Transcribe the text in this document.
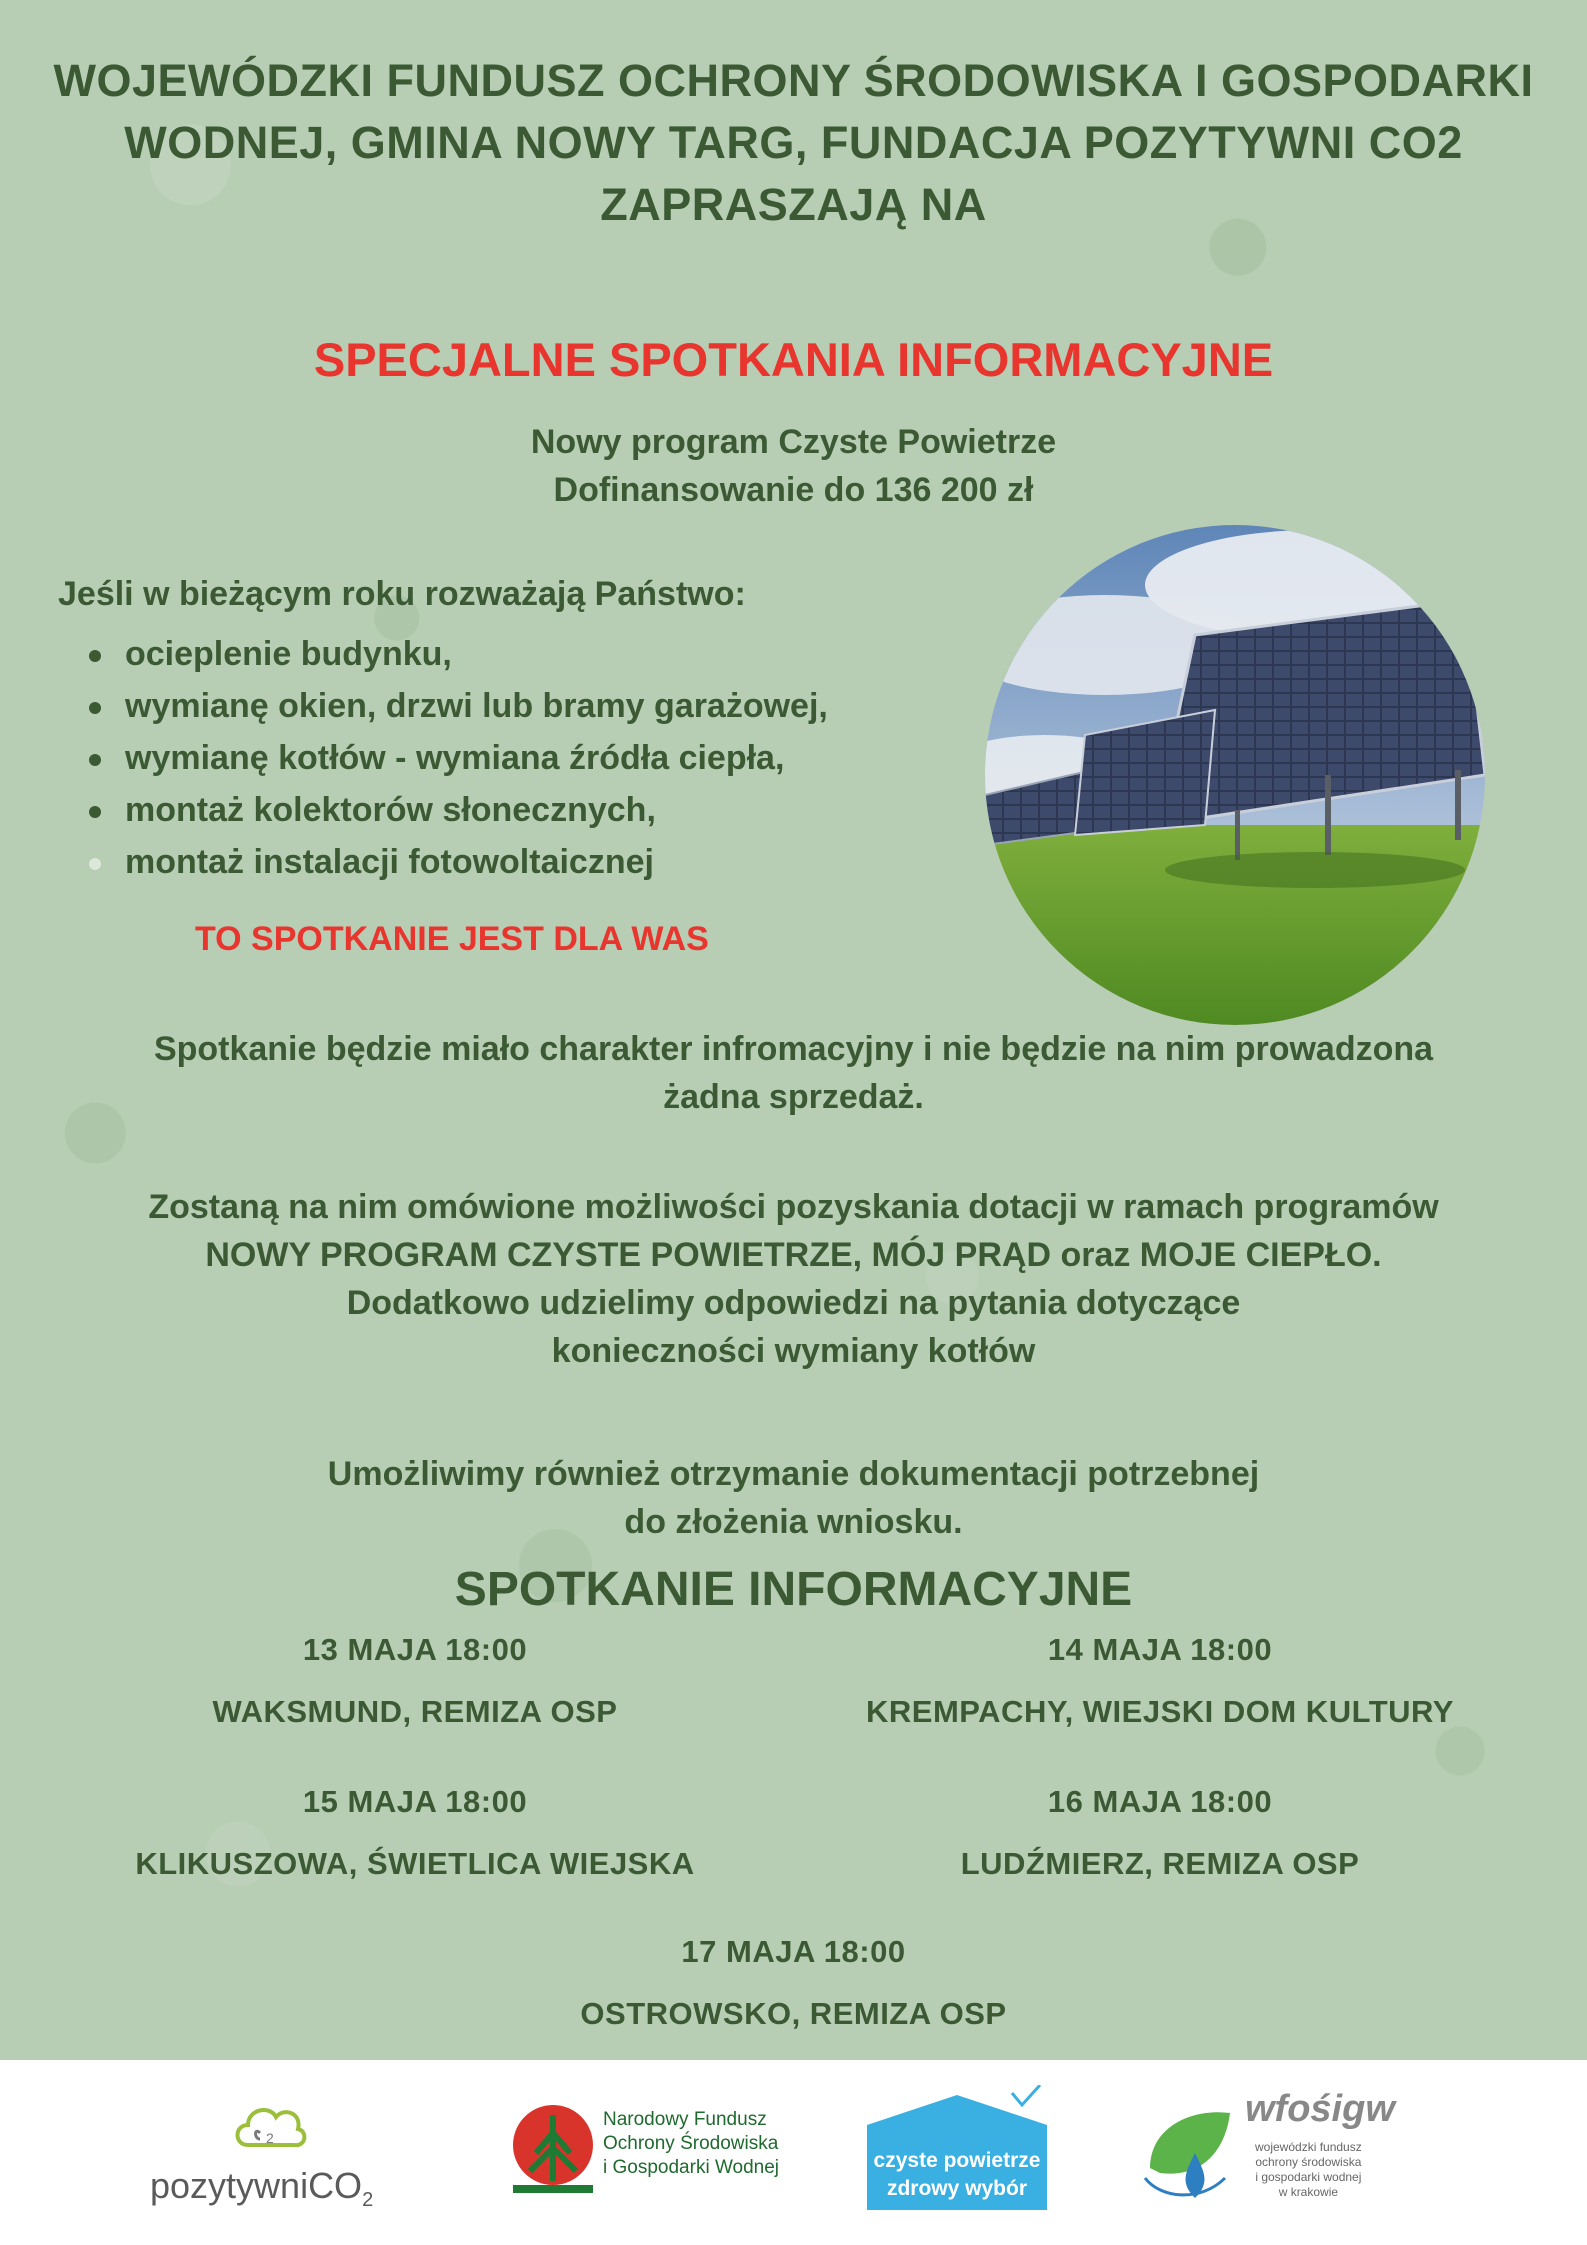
WOJEWÓDZKI FUNDUSZ OCHRONY ŚRODOWISKA I GOSPODARKI
WODNEJ, GMINA NOWY TARG, FUNDACJA POZYTYWNI CO2
ZAPRASZAJĄ NA
SPECJALNE SPOTKANIA INFORMACYJNE
Nowy program Czyste Powietrze
Dofinansowanie do 136 200 zł
Jeśli w bieżącym roku rozważają Państwo:
ocieplenie budynku,
wymianę okien, drzwi lub bramy garażowej,
wymianę kotłów - wymiana źródła ciepła,
montaż kolektorów słonecznych,
montaż instalacji fotowoltaicznej
TO SPOTKANIE JEST DLA WAS
Spotkanie będzie miało charakter infromacyjny i nie będzie na nim prowadzona
żadna sprzedaż.
Zostaną na nim omówione możliwości pozyskania dotacji w ramach programów
NOWY PROGRAM CZYSTE POWIETRZE, MÓJ PRĄD oraz MOJE CIEPŁO.
Dodatkowo udzielimy odpowiedzi na pytania dotyczące
konieczności wymiany kotłów
Umożliwimy również otrzymanie dokumentacji potrzebnej
do złożenia wniosku.
SPOTKANIE INFORMACYJNE
13 MAJA 18:00
WAKSMUND, REMIZA OSP
14 MAJA 18:00
KREMPACHY, WIEJSKI DOM KULTURY
15 MAJA 18:00
KLIKUSZOWA, ŚWIETLICA WIEJSKA
16 MAJA 18:00
LUDŹMIERZ, REMIZA OSP
17 MAJA 18:00
OSTROWSKO, REMIZA OSP
2
pozytywniCO$_2$
Narodowy Fundusz
Ochrony Środowiska
i Gospodarki Wodnej	czyste powietrze
zdrowy wybór
wfośigw
wojewódzki fundusz
ochrony środowiska
i gospodarki wodnej
w krakowie
